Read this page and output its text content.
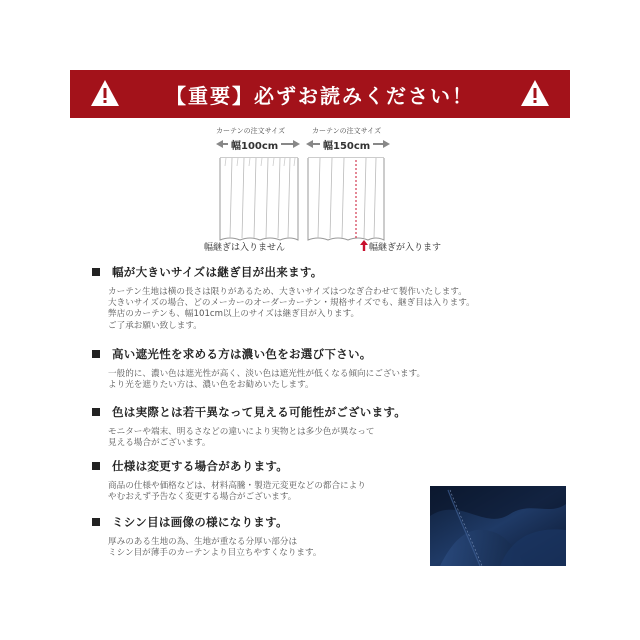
【重要】必ずお読みください！
カーテンの注文サイズ
幅100cm
幅継ぎは入りません
カーテンの注文サイズ
幅150cm
幅継ぎが入ります
幅が大きいサイズは継ぎ目が出来ます。
カーテン生地は横の長さは限りがあるため、大きいサイズはつなぎ合わせて製作いたします。
大きいサイズの場合、どのメーカーのオーダーカーテン・規格サイズでも、継ぎ目は入ります。
弊店のカーテンも、幅101cm以上のサイズは継ぎ目が入ります。
ご了承お願い致します。
高い遮光性を求める方は濃い色をお選び下さい。
一般的に、濃い色は遮光性が高く、淡い色は遮光性が低くなる傾向にございます。
より光を遮りたい方は、濃い色をお勧めいたします。
色は実際とは若干異なって見える可能性がございます。
モニターや端末、明るさなどの違いにより実物とは多少色が異なって
見える場合がございます。
仕様は変更する場合があります。
商品の仕様や価格などは、材料高騰・製造元変更などの都合により
やむおえず予告なく変更する場合がございます。
ミシン目は画像の様になります。
厚みのある生地の為、生地が重なる分厚い部分は
ミシン目が薄手のカーテンより目立ちやすくなります。
